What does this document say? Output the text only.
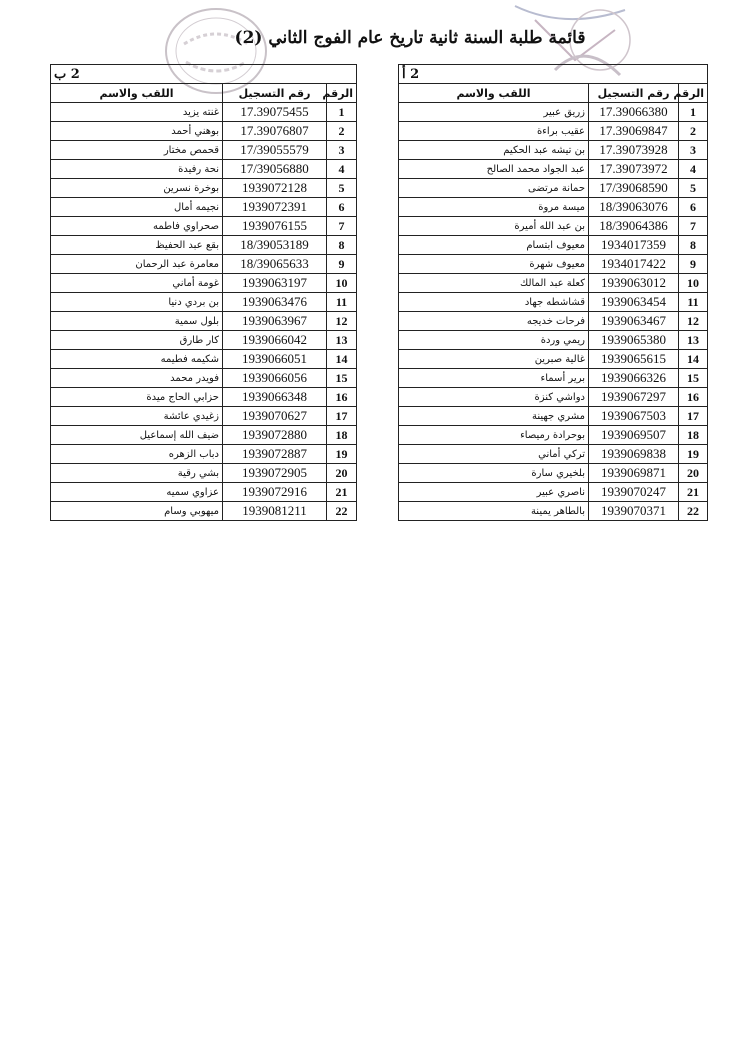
قائمة طلبة السنة ثانية تاريخ عام الفوج الثاني (2)
2 أ		
الرقم	رقم التسجيل	اللقب والاسم
1	17.39066380	زريق عبير
2	17.39069847	عقيب براءة
3	17.39073928	بن تيشه عبد الحكيم
4	17.39073972	عبد الجواد محمد الصالح
5	17/39068590	حمانة مرتضى
6	18/39063076	ميسة مروة
7	18/39064386	بن عبد الله أميرة
8	1934017359	معيوف ابتسام
9	1934017422	معيوف شهرة
10	1939063012	كعلة عبد المالك
11	1939063454	قشاشطه جهاد
12	1939063467	فرحات خديجه
13	1939065380	ريمي وردة
14	1939065615	غالية صبرين
15	1939066326	برير أسماء
16	1939067297	دواشي كنزة
17	1939067503	مشري جهينة
18	1939069507	بوحرادة رميصاء
19	1939069838	تركي أماني
20	1939069871	بلخيري سارة
21	1939070247	ناصري عبير
22	1939070371	بالطاهر يمينة
2 ب		
الرقم	رقم التسجيل	اللقب والاسم
1	17.39075455	غنته يزيد
2	17.39076807	بوهني أحمد
3	17/39055579	قحمص مختار
4	17/39056880	نحة رفيدة
5	1939072128	بوخرة نسرين
6	1939072391	نجيمه أمال
7	1939076155	صحراوي فاطمه
8	18/39053189	بقع عبد الحفيظ
9	18/39065633	معامرة عبد الرحمان
10	1939063197	غومة أماني
11	1939063476	بن بردي دنيا
12	1939063967	بلول سمية
13	1939066042	كار طارق
14	1939066051	شكيمه فطيمه
15	1939066056	فويدر محمد
16	1939066348	حزابي الحاج ميدة
17	1939070627	زغيدي عائشة
18	1939072880	ضيف الله إسماعيل
19	1939072887	دباب الزهره
20	1939072905	بشي رقية
21	1939072916	عزاوي سميه
22	1939081211	ميهوبي وسام
